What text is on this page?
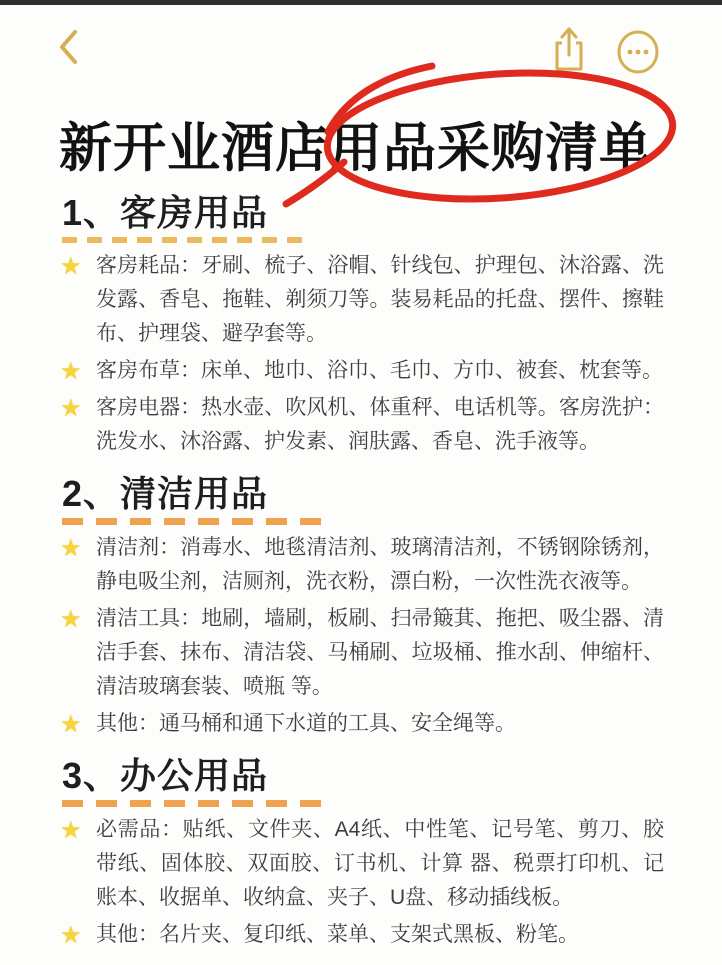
新开业酒店用品采购清单
1、客房用品
★ 客房耗品：牙刷、梳子、浴帽、针线包、护理包、沐浴露、洗发露、香皂、拖鞋、剃须刀等。装易耗品的托盘、摆件、擦鞋布、护理袋、避孕套等。
★ 客房布草：床单、地巾、浴巾、毛巾、方巾、被套、枕套等。
★ 客房电器：热水壶、吹风机、体重秤、电话机等。客房洗护：洗发水、沐浴露、护发素、润肤露、香皂、洗手液等。
2、清洁用品
★ 清洁剂：消毒水、地毯清洁剂、玻璃清洁剂，不锈钢除锈剂，静电吸尘剂，洁厕剂，洗衣粉，漂白粉，一次性洗衣液等。
★ 清洁工具：地刷，墙刷，板刷、扫帚簸萁、拖把、吸尘器、清洁手套、抹布、清洁袋、马桶刷、垃圾桶、推水刮、伸缩杆、清洁玻璃套装、喷瓶 等。
★ 其他：通马桶和通下水道的工具、安全绳等。
3、办公用品
★ 必需品：贴纸、文件夹、A4纸、中性笔、记号笔、剪刀、胶带纸、固体胶、双面胶、订书机、计算 器、税票打印机、记账本、收据单、收纳盒、夹子、U盘、移动插线板。
★ 其他：名片夹、复印纸、菜单、支架式黑板、粉笔。
